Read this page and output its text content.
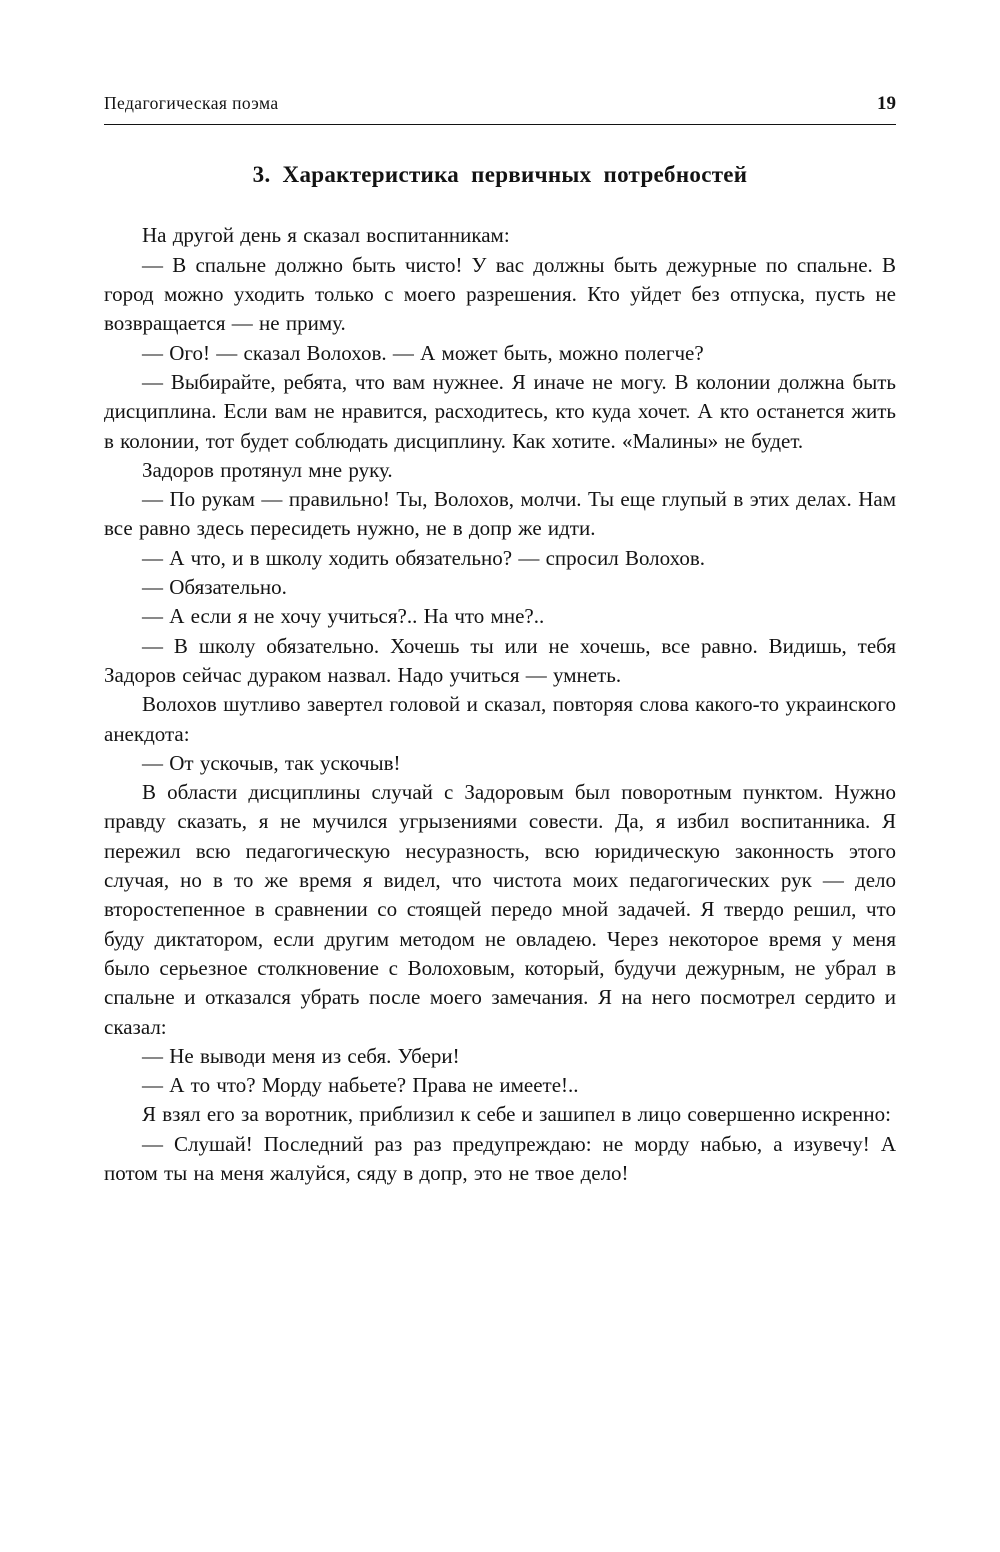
Педагогическая поэма	19
3. Характеристика первичных потребностей

На другой день я сказал воспитанникам:

— В спальне должно быть чисто! У вас должны быть дежурные по спальне. В город можно уходить только с моего разрешения. Кто уйдет без отпуска, пусть не возвращается — не приму.

— Ого! — сказал Волохов. — А может быть, можно полегче?

— Выбирайте, ребята, что вам нужнее. Я иначе не могу. В колонии должна быть дисциплина. Если вам не нравится, расходитесь, кто куда хочет. А кто останется жить в колонии, тот будет соблюдать дисциплину. Как хотите. «Малины» не будет.

Задоров протянул мне руку.

— По рукам — правильно! Ты, Волохов, молчи. Ты еще глупый в этих делах. Нам все равно здесь пересидеть нужно, не в допр же идти.

— А что, и в школу ходить обязательно? — спросил Волохов.

— Обязательно.

— А если я не хочу учиться?.. На что мне?..

— В школу обязательно. Хочешь ты или не хочешь, все равно. Видишь, тебя Задоров сейчас дураком назвал. Надо учиться — умнеть.

Волохов шутливо завертел головой и сказал, повторяя слова какого-то украинского анекдота:

— От ускочыв, так ускочыв!

В области дисциплины случай с Задоровым был поворотным пунктом. Нужно правду сказать, я не мучился угрызениями совести. Да, я избил воспитанника. Я пережил всю педагогическую несуразность, всю юридическую законность этого случая, но в то же время я видел, что чистота моих педагогических рук — дело второстепенное в сравнении со стоящей передо мной задачей. Я твердо решил, что буду диктатором, если другим методом не овладею. Через некоторое время у меня было серьезное столкновение с Волоховым, который, будучи дежурным, не убрал в спальне и отказался убрать после моего замечания. Я на него посмотрел сердито и сказал:

— Не выводи меня из себя. Убери!

— А то что? Морду набьете? Права не имеете!..

Я взял его за воротник, приблизил к себе и зашипел в лицо совершенно искренно:

— Слушай! Последний раз раз предупреждаю: не морду набью, а изувечу! А потом ты на меня жалуйся, сяду в допр, это не твое дело!
